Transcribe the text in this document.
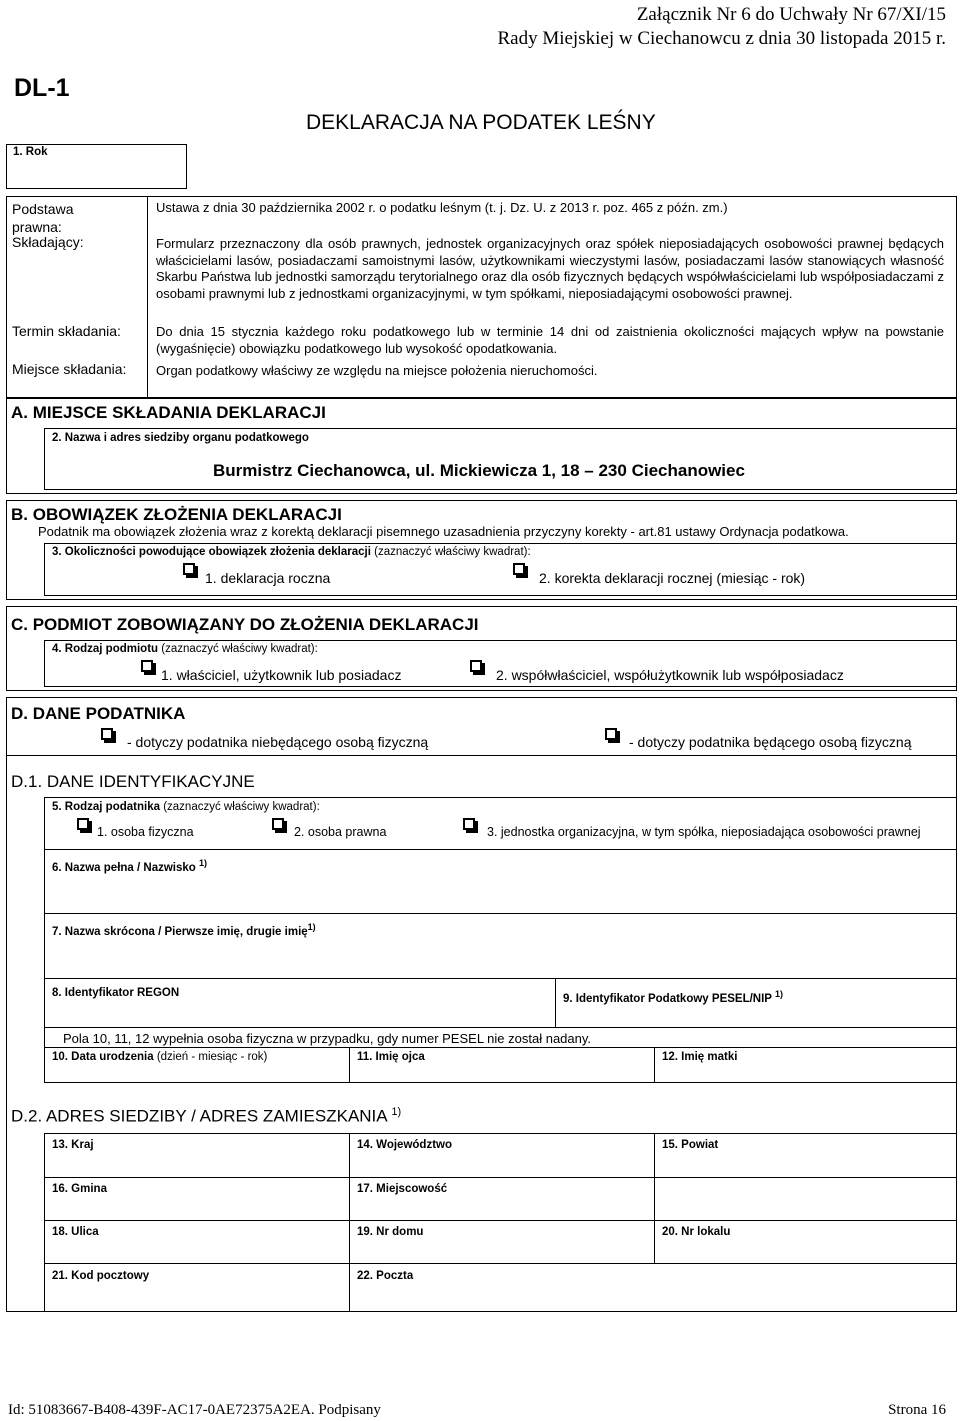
Załącznik Nr 6 do Uchwały Nr 67/XI/15
Rady Miejskiej w Ciechanowcu z dnia 30 listopada 2015 r.
DL-1
DEKLARACJA NA PODATEK LEŚNY
1. Rok
Podstawa prawna:
Ustawa z dnia 30 października 2002 r. o podatku leśnym (t. j. Dz. U. z 2013 r. poz. 465 z późn. zm.)
Składający:	Formularz przeznaczony dla osób prawnych, jednostek organizacyjnych oraz spółek nieposiadających osobowości prawnej będących właścicielami lasów, posiadaczami samoistnymi lasów, użytkownikami wieczystymi lasów, posiadaczami lasów stanowiących własność Skarbu Państwa lub jednostki samorządu terytorialnego oraz dla osób fizycznych będących współwłaścicielami lub współposiadaczami z osobami prawnymi lub z jednostkami organizacyjnymi, w tym spółkami, nieposiadającymi osobowości prawnej.
Termin składania:	Do dnia 15 stycznia każdego roku podatkowego lub w terminie 14 dni od zaistnienia okoliczności mających wpływ na powstanie (wygaśnięcie) obowiązku podatkowego lub wysokość opodatkowania.
Miejsce składania: Organ podatkowy właściwy ze względu na miejsce położenia nieruchomości.
A. MIEJSCE SKŁADANIA DEKLARACJI
2. Nazwa i adres siedziby organu podatkowego
Burmistrz Ciechanowca, ul. Mickiewicza 1, 18 – 230 Ciechanowiec
B. OBOWIĄZEK ZŁOŻENIA DEKLARACJI
Podatnik ma obowiązek złożenia wraz z korektą deklaracji pisemnego uzasadnienia przyczyny korekty - art.81 ustawy Ordynacja podatkowa.
3. Okoliczności powodujące obowiązek złożenia deklaracji (zaznaczyć właściwy kwadrat):
1. deklaracja roczna	2. korekta deklaracji rocznej (miesiąc - rok)
C. PODMIOT ZOBOWIĄZANY DO ZŁOŻENIA DEKLARACJI
4. Rodzaj podmiotu (zaznaczyć właściwy kwadrat):
1. właściciel, użytkownik lub posiadacz	2. współwłaściciel, współużytkownik lub współposiadacz
D. DANE PODATNIKA
- dotyczy podatnika niebędącego osobą fizyczną	- dotyczy podatnika będącego osobą fizyczną
D.1. DANE IDENTYFIKACYJNE
5. Rodzaj podatnika (zaznaczyć właściwy kwadrat):
1. osoba fizyczna	2. osoba prawna	3. jednostka organizacyjna, w tym spółka, nieposiadająca osobowości prawnej
6. Nazwa pełna / Nazwisko $^{1)}$
7. Nazwa skrócona / Pierwsze imię, drugie imię$^{1)}$
8. Identyfikator REGON	9. Identyfikator Podatkowy PESEL/NIP $^{1)}$
Pola 10, 11, 12 wypełnia osoba fizyczna w przypadku, gdy numer PESEL nie został nadany.
10. Data urodzenia (dzień - miesiąc - rok)	11. Imię ojca	12. Imię matki
D.2. ADRES SIEDZIBY / ADRES ZAMIESZKANIA $^{1)}$
13. Kraj	14. Województwo	15. Powiat
16. Gmina	17. Miejscowość
18. Ulica	19. Nr domu	20. Nr lokalu
21. Kod pocztowy	22. Poczta
Id: 51083667-B408-439F-AC17-0AE72375A2EA. Podpisany	Strona 16
